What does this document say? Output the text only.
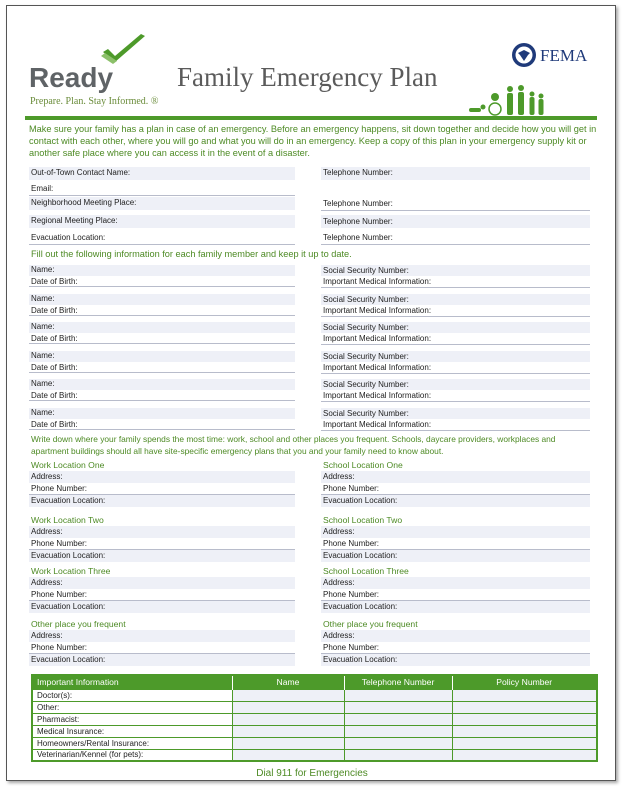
Ready
Prepare. Plan. Stay Informed. ®
Family Emergency Plan
FEMA
Make sure your family has a plan in case of an emergency. Before an emergency happens, sit down together and decide how you will get in contact with each other, where you will go and what you will do in an emergency. Keep a copy of this plan in your emergency supply kit or another safe place where you can access it in the event of a disaster.
Out-of-Town Contact Name:	Telephone Number:
Email:
Neighborhood Meeting Place:	Telephone Number:
Regional Meeting Place:	Telephone Number:
Evacuation Location:	Telephone Number:
Fill out the following information for each family member and keep it up to date.
Name:
Date of Birth:
Social Security Number:
Important Medical Information:
Name:
Date of Birth:
Social Security Number:
Important Medical Information:
Name:
Date of Birth:
Social Security Number:
Important Medical Information:
Name:
Date of Birth:
Social Security Number:
Important Medical Information:
Name:
Date of Birth:
Social Security Number:
Important Medical Information:
Name:
Date of Birth:
Social Security Number:
Important Medical Information:
Write down where your family spends the most time: work, school and other places you frequent. Schools, daycare providers, workplaces and apartment buildings should all have site-specific emergency plans that you and your family need to know about.
Work Location One
Address:
Phone Number:
Evacuation Location:
School Location One
Address:
Phone Number:
Evacuation Location:
Work Location Two
Address:
Phone Number:
Evacuation Location:
School Location Two
Address:
Phone Number:
Evacuation Location:
Work Location Three
Address:
Phone Number:
Evacuation Location:
School Location Three
Address:
Phone Number:
Evacuation Location:
Other place you frequent
Address:
Phone Number:
Evacuation Location:
Other place you frequent
Address:
Phone Number:
Evacuation Location:
Important Information	Name	Telephone Number	Policy Number
Doctor(s):			
Other:			
Pharmacist:			
Medical Insurance:			
Homeowners/Rental Insurance:			
Veterinarian/Kennel (for pets):			
Dial 911 for Emergencies
